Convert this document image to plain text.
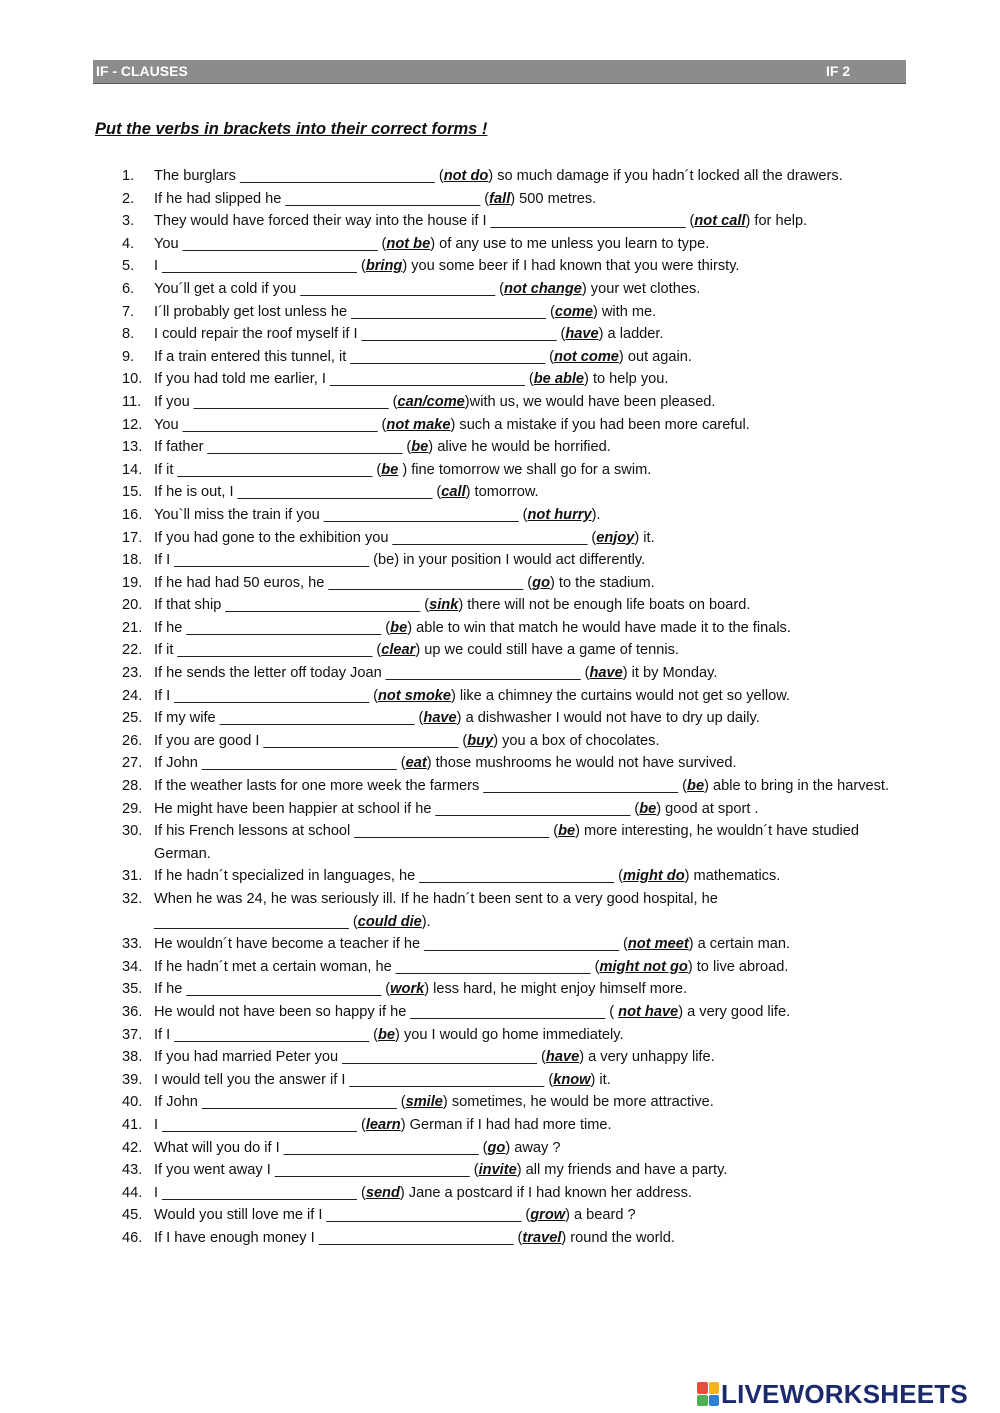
IF - CLAUSES	IF 2
Put the verbs in brackets into their correct forms !
1.	The burglars ________________________ (not do) so much damage if you hadn´t locked all the drawers.
2.	If he had slipped he ________________________ (fall) 500 metres.
3.	They would have forced their way into the house if I ________________________ (not call) for help.
4.	You ________________________ (not be) of any use to me unless you learn to type.
5.	I ________________________ (bring) you some beer if I had known that you were thirsty.
6.	You´ll get a cold if you ________________________ (not change) your wet clothes.
7.	I´ll probably get lost unless he ________________________ (come) with me.
8.	I could repair the roof myself if I ________________________ (have) a ladder.
9.	If a train entered this tunnel, it ________________________ (not come) out again.
10. If you had told me earlier, I ________________________ (be able) to help you.
11. If you ________________________ (can/come)with us, we would have been pleased.
12. You ________________________ (not make) such a mistake if you had been more careful.
13. If father ________________________ (be) alive he would be horrified.
14. If it ________________________ (be ) fine tomorrow we shall go for a swim.
15. If he is out, I ________________________ (call) tomorrow.
16. You`ll miss the train if you ________________________ (not hurry).
17. If you had gone to the exhibition you ________________________ (enjoy) it.
18. If I ________________________ (be) in your position I would act differently.
19. If he had had 50 euros, he ________________________ (go) to the stadium.
20. If that ship ________________________ (sink) there will not be enough life boats on board.
21. If he ________________________ (be) able to win that match he would have made it to the finals.
22. If it ________________________ (clear) up we could still have a game of tennis.
23. If he sends the letter off today Joan ________________________ (have) it by Monday.
24. If I ________________________ (not smoke) like a chimney the curtains would not get so yellow.
25. If my wife ________________________ (have) a dishwasher I would not have to dry up daily.
26. If you are good I ________________________ (buy) you a box of chocolates.
27. If John ________________________ (eat) those mushrooms he would not have survived.
28. If the weather lasts for one more week the farmers ________________________ (be) able to bring in the harvest.
29. He might have been happier at school if he ________________________ (be) good at sport .
30. If his French lessons at school ________________________ (be) more interesting, he wouldn´t have studied German.
31. If he hadn´t specialized in languages, he ________________________ (might do) mathematics.
32. When he was 24, he was seriously ill. If he hadn´t been sent to a very good hospital, he ________________________ (could die).
33. He wouldn´t have become a teacher if he ________________________ (not meet) a certain man.
34. If he hadn´t met a certain woman, he ________________________ (might not go) to live abroad.
35. If he ________________________ (work) less hard, he might enjoy himself more.
36. He would not have been so happy if he ________________________ ( not have) a very good life.
37. If I ________________________ (be) you I would go home immediately.
38. If you had married Peter you ________________________ (have) a very unhappy life.
39. I would tell you the answer if I ________________________ (know) it.
40. If John ________________________ (smile) sometimes, he would be more attractive.
41. I ________________________ (learn) German if I had had more time.
42. What will you do if I ________________________ (go) away ?
43. If you went away I ________________________ (invite) all my friends and have a party.
44. I ________________________ (send) Jane a postcard if I had known her address.
45. Would you still love me if I ________________________ (grow) a beard ?
46. If I have enough money I ________________________ (travel) round the world.
LIVEWORKSHEETS
